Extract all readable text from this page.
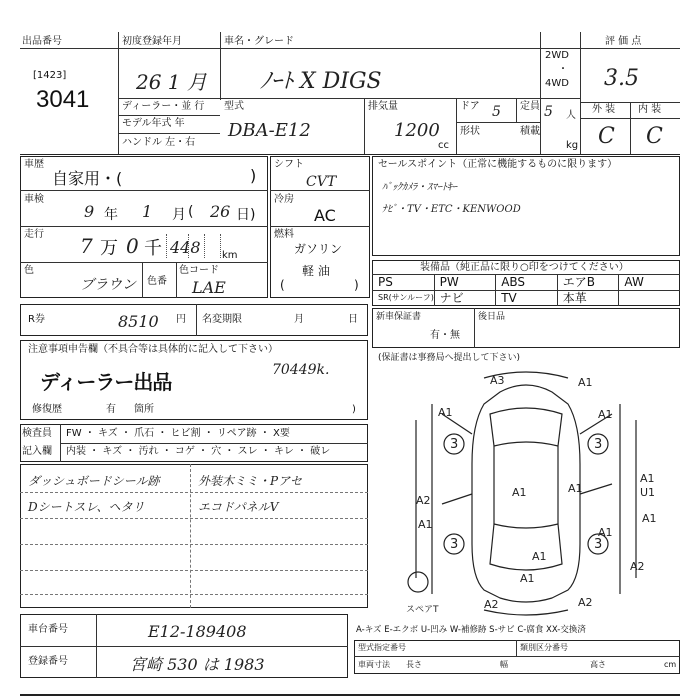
出品番号
[1423]
3041
初度登録年月
26 1 月
車名・グレード
ﾉｰﾄ X DIGS
2WD
・
4WD
評 価 点
3.5
外 装 内 装
C C
ディーラー・並 行
モデル年式 年
ハンドル 左・右
型式
DBA-E12
排気量
1200
cc
ドア 5 定員 5 人
形状	積載
kg
車歴
自家用・(	)
車検
9 年 1 月 ( 26 日)
走行 7 万 0 千 448 km
色
ブラウン 色番
色コード
LAE
シフト
CVT
冷房
AC
燃料
ガソリン
軽 油
(	)
セールスポイント（正常に機能するものに限ります）
ﾊﾞｯｸｶﾒﾗ・ｽﾏｰﾄｷｰ
ﾅﾋﾞ・TV・ETC・KENWOOD
装備品（純正品に限り○印をつけてください）
PS	PW	ABS	エアB AW
SR(サンルーフ) ナビ	TV	本革
R券	8510 円 名変期限	月	日 新車保証書
有・無
後日品
(保証書は事務局へ提出して下さい)
注意事項申告欄（不具合等は具体的に記入して下さい）
ディーラー出品	70449k.
修復歴	有 箇所	)
検査員
記入欄
FW ・ キズ ・ 爪石 ・ ヒビ割 ・ リペア跡 ・ X要
内装 ・ キズ ・ 汚れ ・ コゲ ・ 穴 ・ スレ ・ キレ ・ 破レ
ダッシュボードシール跡	外装木ミミ・Pアセ
Dシートスレ、ヘタリ	エコドパネルV
A3	A1
A1	A1
3	3
A1	A1
A1
U1
A2
A1	A1
A1
A2
3	3
A2	A2
A1
A1
スペアT
A-キズ E-エクボ U-凹み W-補修跡 S-サビ C-腐食 XX-交換済
型式指定番号	類別区分番号
車両寸法 長さ	幅	高さ	cm
車台番号	E12-189408
登録番号	宮崎 530 は 1983
